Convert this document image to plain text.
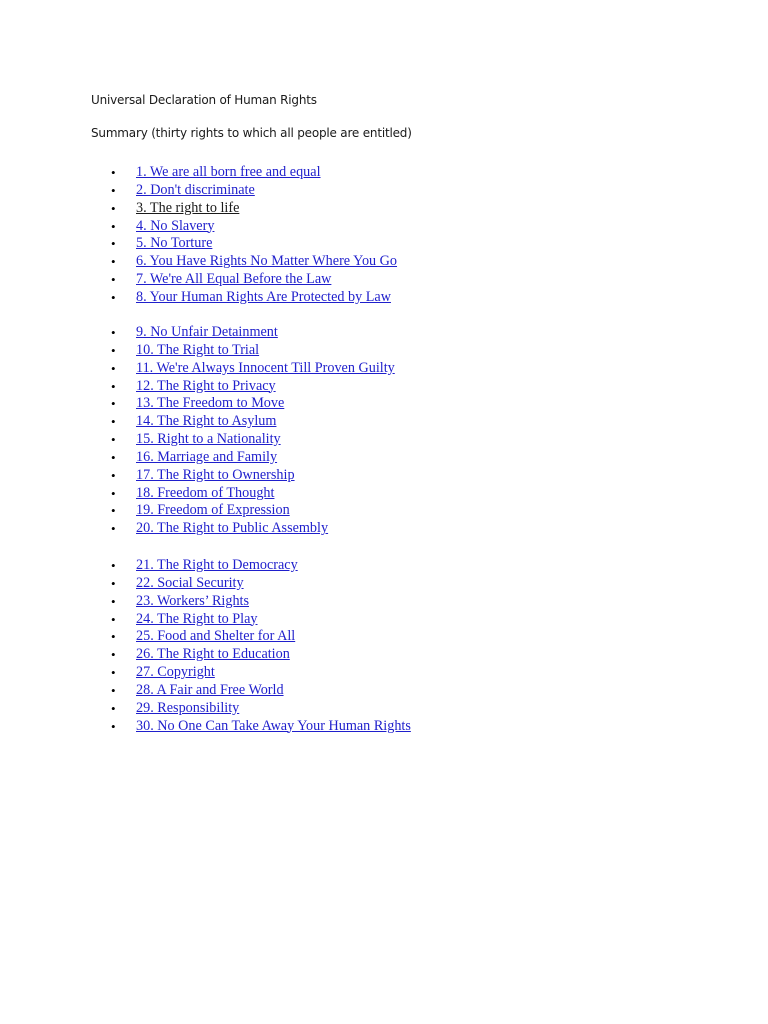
Universal Declaration of Human Rights
Summary (thirty rights to which all people are entitled)
• 1. We are all born free and equal
• 2. Don't discriminate
• 3. The right to life
• 4. No Slavery
• 5. No Torture
• 6. You Have Rights No Matter Where You Go
• 7. We're All Equal Before the Law
• 8. Your Human Rights Are Protected by Law
• 9. No Unfair Detainment
• 10. The Right to Trial
• 11. We're Always Innocent Till Proven Guilty
• 12. The Right to Privacy
• 13. The Freedom to Move
• 14. The Right to Asylum
• 15. Right to a Nationality
• 16. Marriage and Family
• 17. The Right to Ownership
• 18. Freedom of Thought
• 19. Freedom of Expression
• 20. The Right to Public Assembly
• 21. The Right to Democracy
• 22. Social Security
• 23. Workers’ Rights
• 24. The Right to Play
• 25. Food and Shelter for All
• 26. The Right to Education
• 27. Copyright
• 28. A Fair and Free World
• 29. Responsibility
• 30. No One Can Take Away Your Human Rights
